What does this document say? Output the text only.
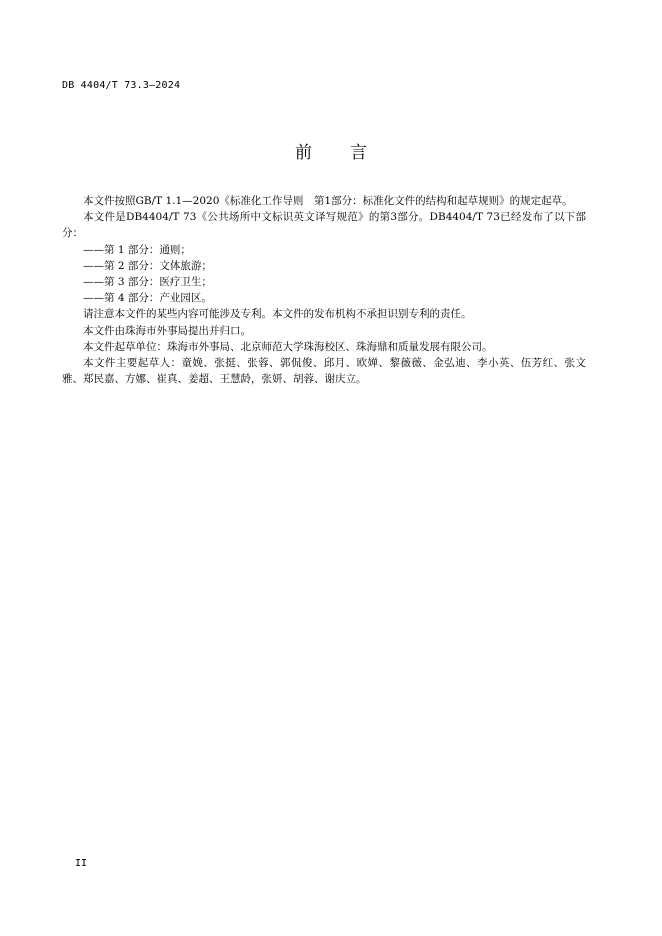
DB 4404/T 73.3—2024
前言

本文件按照GB/T 1.1—2020《标准化工作导则　第1部分：标准化文件的结构和起草规则》的规定起草。

本文件是DB4404/T 73《公共场所中文标识英文译写规范》的第3部分。DB4404/T 73已经发布了以下部分：

——第 1 部分：通则；

——第 2 部分：文体旅游；

——第 3 部分：医疗卫生；

——第 4 部分：产业园区。

请注意本文件的某些内容可能涉及专利。本文件的发布机构不承担识别专利的责任。

本文件由珠海市外事局提出并归口。

本文件起草单位：珠海市外事局、北京师范大学珠海校区、珠海鼎和质量发展有限公司。

本文件主要起草人：童娩、张挺、张蓉、郭侃俊、邱月、欧婵、黎薇薇、金弘迪、李小英、伍芳红、张文雅、郑民嘉、方娜、崔真、姜超、王慧龄，张妍、胡蓉、谢庆立。

II
